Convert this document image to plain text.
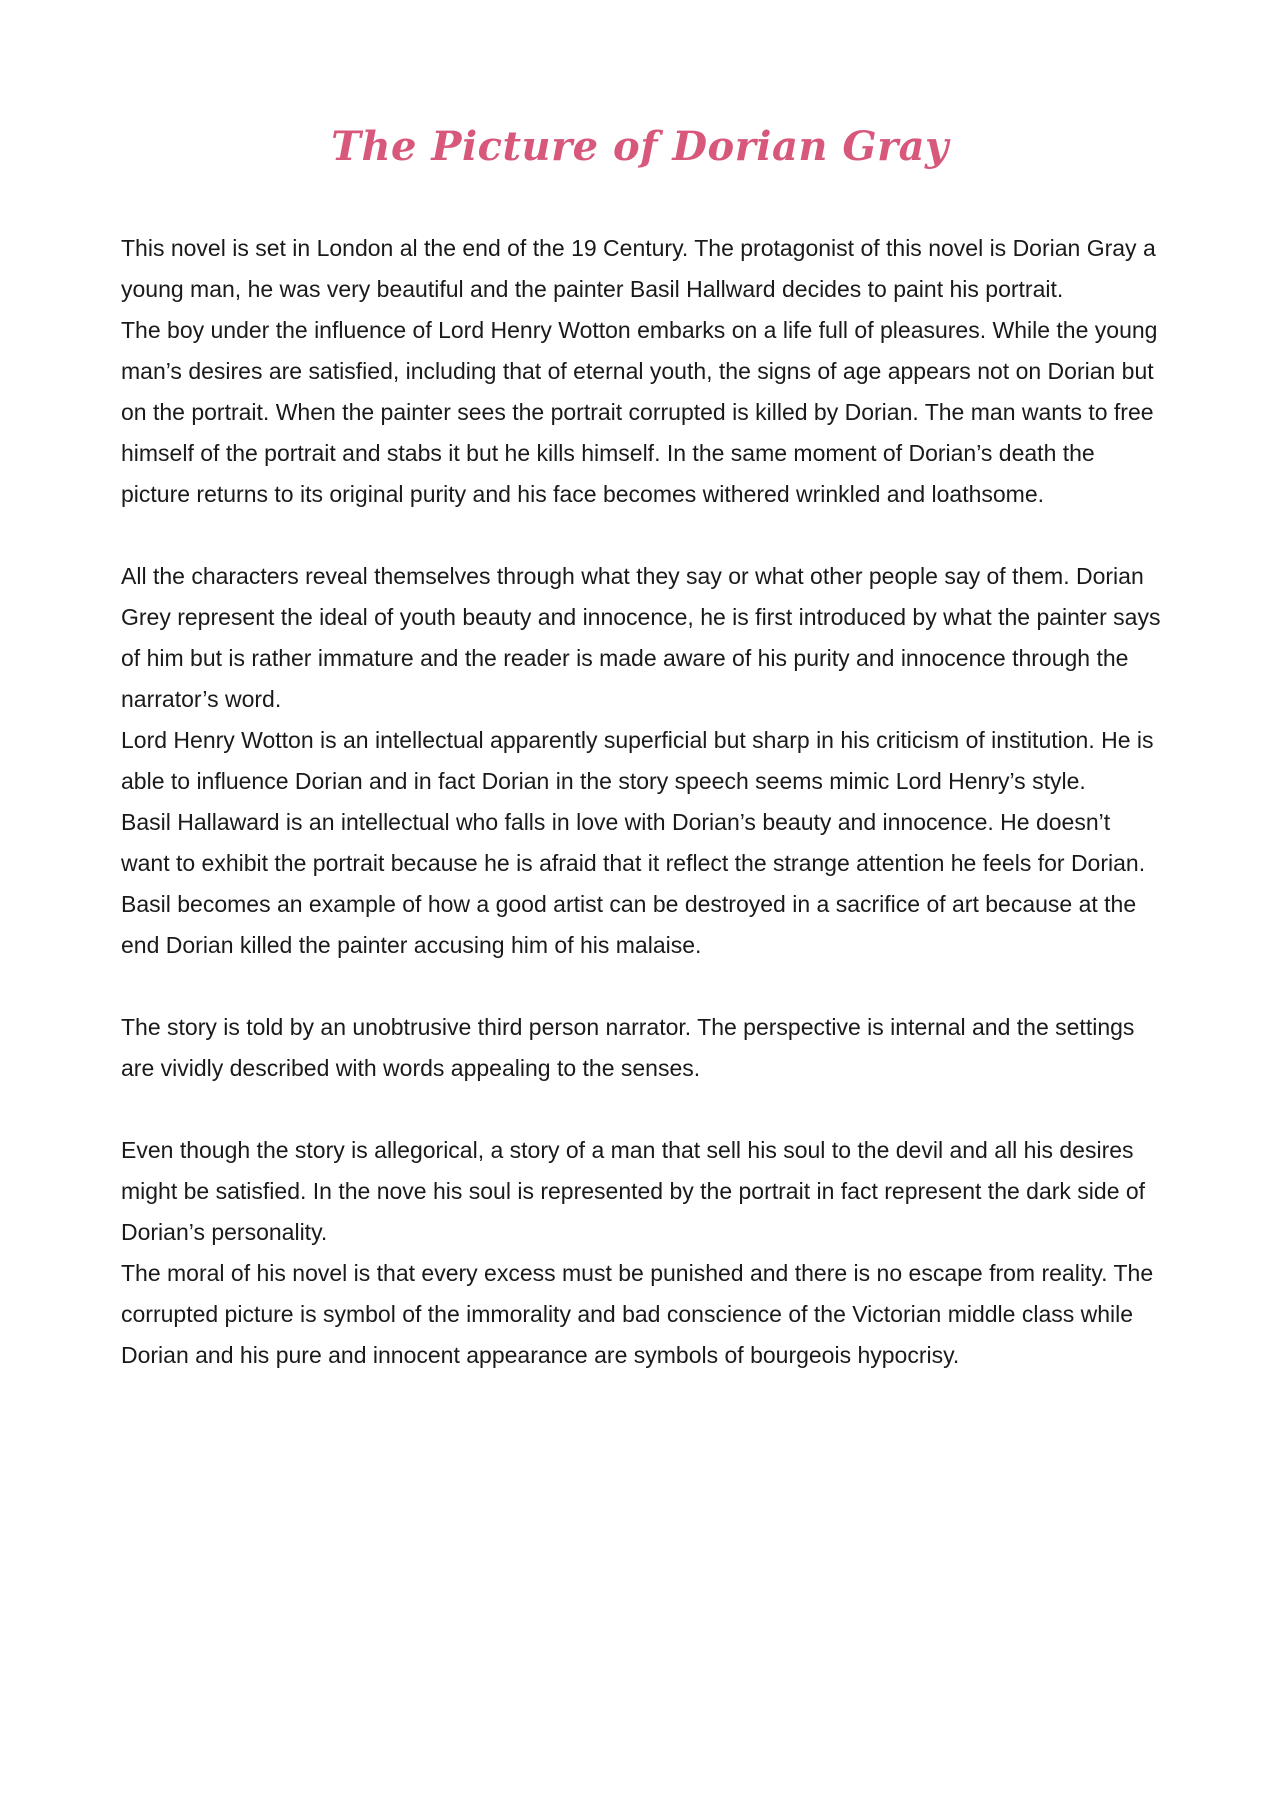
The Picture of Dorian Gray

This novel is set in London al the end of the 19 Century. The protagonist of this novel is Dorian Gray a young man, he was very beautiful and the painter Basil Hallward decides to paint his portrait.

The boy under the influence of Lord Henry Wotton embarks on a life full of pleasures. While the young man’s desires are satisfied, including that of eternal youth, the signs of age appears not on Dorian but on the portrait. When the painter sees the portrait corrupted is killed by Dorian. The man wants to free himself of the portrait and stabs it but he kills himself. In the same moment of Dorian’s death the picture returns to its original purity and his face becomes withered wrinkled and loathsome.

All the characters reveal themselves through what they say or what other people say of them. Dorian Grey represent the ideal of youth beauty and innocence, he is first introduced by what the painter says of him but is rather immature and the reader is made aware of his purity and innocence through the narrator’s word.

Lord Henry Wotton is an intellectual apparently superficial but sharp in his criticism of institution. He is able to influence Dorian and in fact Dorian in the story speech seems mimic Lord Henry’s style.

Basil Hallaward is an intellectual who falls in love with Dorian’s beauty and innocence. He doesn’t want to exhibit the portrait because he is afraid that it reflect the strange attention he feels for Dorian. Basil becomes an example of how a good artist can be destroyed in a sacrifice of art because at the end Dorian killed the painter accusing him of his malaise.

The story is told by an unobtrusive third person narrator. The perspective is internal and the settings are vividly described with words appealing to the senses.

Even though the story is allegorical, a story of a man that sell his soul to the devil and all his desires might be satisfied. In the nove his soul is represented by the portrait in fact represent the dark side of Dorian’s personality.

The moral of his novel is that every excess must be punished and there is no escape from reality. The corrupted picture is symbol of the immorality and bad conscience of the Victorian middle class while Dorian and his pure and innocent appearance are symbols of bourgeois hypocrisy.
